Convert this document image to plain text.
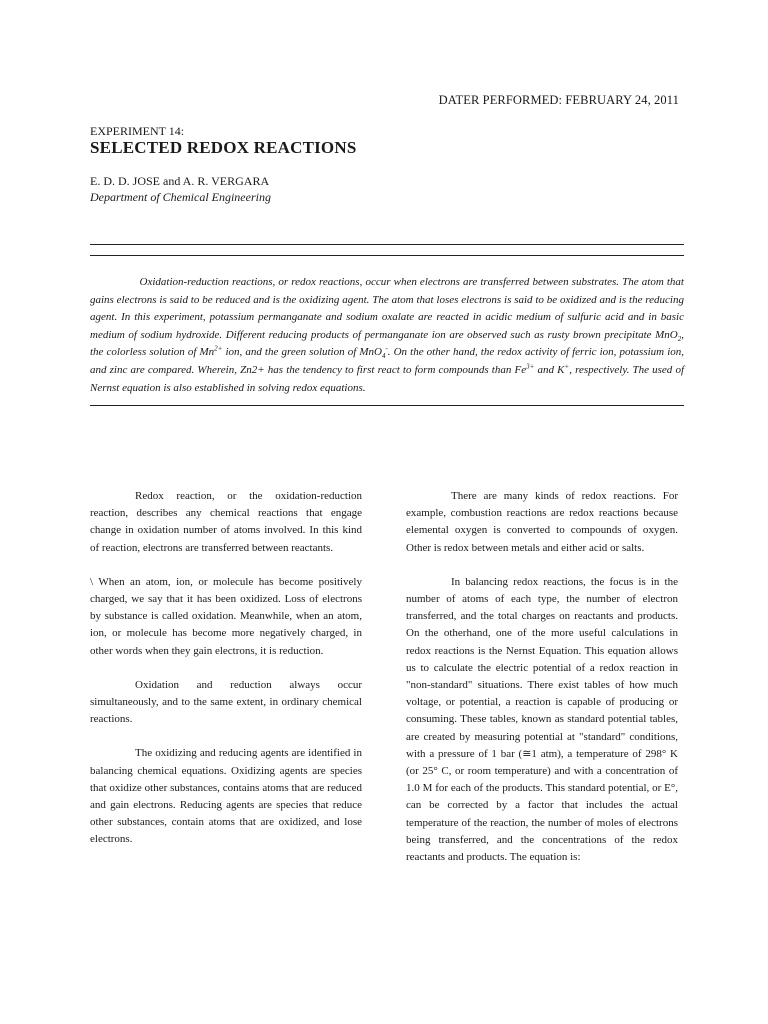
DATER PERFORMED: FEBRUARY 24, 2011
EXPERIMENT 14:
SELECTED REDOX REACTIONS
E. D. D. JOSE and A. R. VERGARA
Department of Chemical Engineering

     Oxidation-reduction reactions, or redox reactions, occur when electrons are transferred between substrates. The atom that gains electrons is said to be reduced and is the oxidizing agent. The atom that loses electrons is said to be oxidized and is the reducing agent. In this experiment, potassium permanganate and sodium oxalate are reacted in acidic medium of sulfuric acid and in basic medium of sodium hydroxide. Different reducing products of permanganate ion are observed such as rusty brown precipitate MnO$_2$, the colorless solution of $Mn^{2+}$ ion, and the green solution of MnO$_4$-. On the other hand, the redox activity of ferric ion, potassium ion, and zinc are compared. Wherein, Zn2+ has the tendency to first react to form compounds than $Fe^{3+}$ and K+, respectively. The used of Nernst equation is also established in solving redox equations.

Redox reaction, or the oxidation-reduction reaction, describes any chemical reactions that engage change in oxidation number of atoms involved. In this kind of reaction, electrons are transferred between reactants.

\ When an atom, ion, or molecule has become positively charged, we say that it has been oxidized. Loss of electrons by substance is called oxidation. Meanwhile, when an atom, ion, or molecule has become more negatively charged, in other words when they gain electrons, it is reduction.

Oxidation and reduction always occur simultaneously, and to the same extent, in ordinary chemical reactions.

The oxidizing and reducing agents are identified in balancing chemical equations. Oxidizing agents are species that oxidize other substances, contains atoms that are reduced and gain electrons. Reducing agents are species that reduce other substances, contain atoms that are oxidized, and lose electrons.

There are many kinds of redox reactions. For example, combustion reactions are redox reactions because elemental oxygen is converted to compounds of oxygen. Other is redox between metals and either acid or salts.

In balancing redox reactions, the focus is in the number of atoms of each type, the number of electron transferred, and the total charges on reactants and products. On the otherhand, one of the more useful calculations in redox reactions is the Nernst Equation. This equation allows us to calculate the electric potential of a redox reaction in "non-standard" situations. There exist tables of how much voltage, or potential, a reaction is capable of producing or consuming. These tables, known as standard potential tables, are created by measuring potential at "standard" conditions, with a pressure of 1 bar (≅1 atm), a temperature of 298° K (or 25° C, or room temperature) and with a concentration of 1.0 M for each of the products. This standard potential, or E°, can be corrected by a factor that includes the actual temperature of the reaction, the number of moles of electrons being transferred, and the concentrations of the redox reactants and products. The equation is:
